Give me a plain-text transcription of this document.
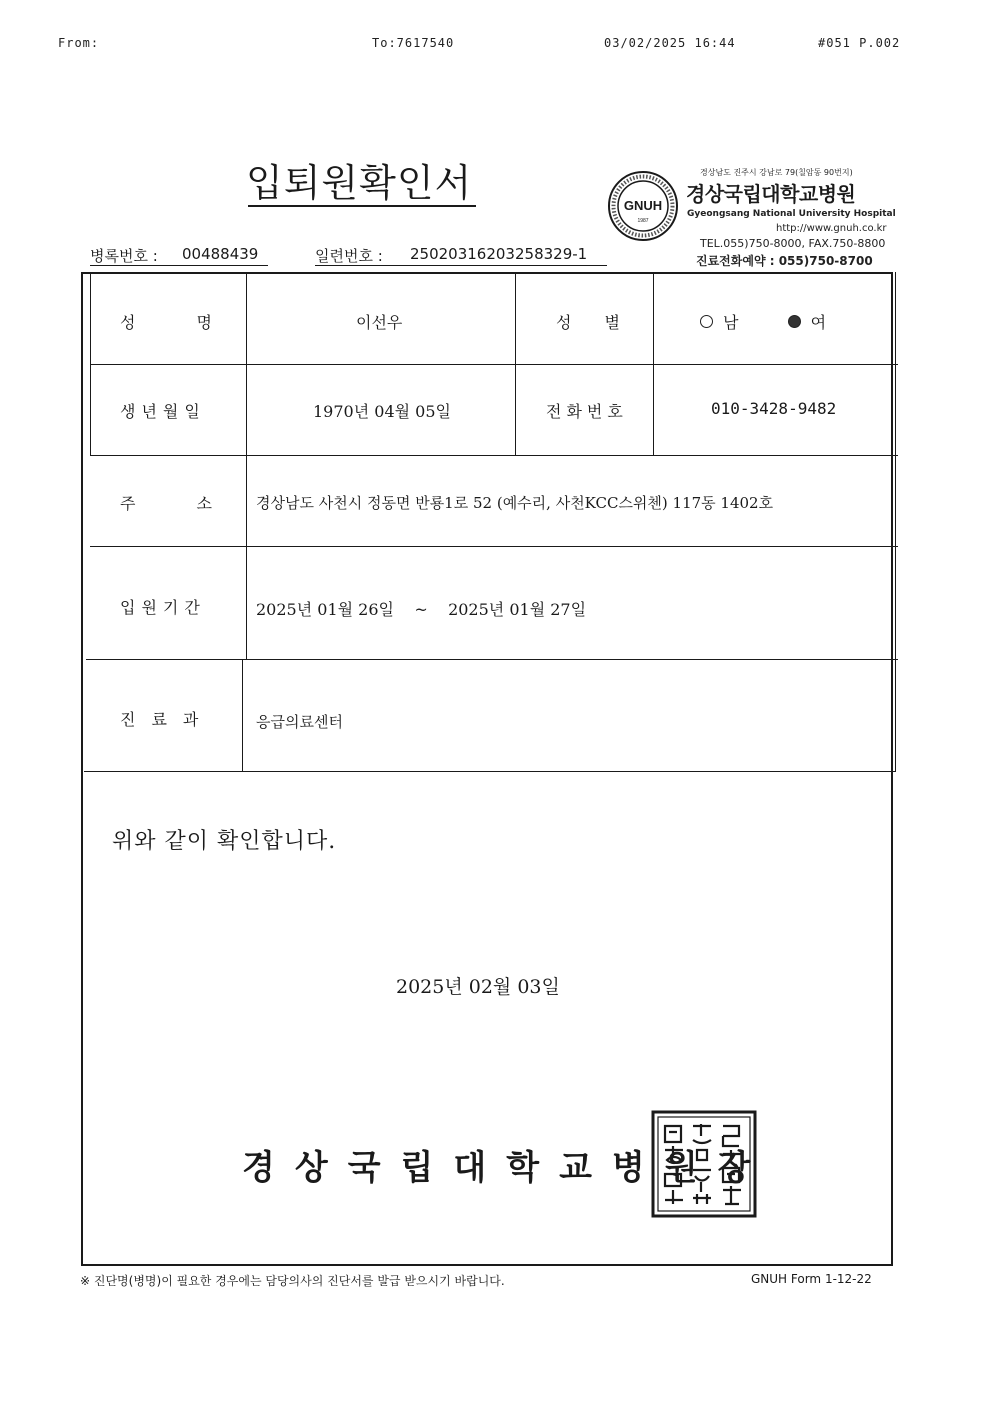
From:	To:7617540	03/02/2025 16:44	#051 P.002
입퇴원확인서
GNUH
1987
경상남도 진주시 강남로 79(칠암동 90번지)
경상국립대학교병원
Gyeongsang National University Hospital
http://www.gnuh.co.kr
TEL.055)750-8000, FAX.750-8800
진료전화예약 : 055)750-8700
병록번호 : 00488439	일련번호 : 25020316203258329-1
성 명	이선우	성 별	남	여
생년월일	1970년 04월 05일	전화번호	010-3428-9482
주 소	경상남도 사천시 정동면 반룡1로 52 (예수리, 사천KCC스위첸) 117동 1402호
입원기간	2025년 01월 26일    ~    2025년 01월 27일
진료과	응급의료센터
위와 같이 확인합니다.
2025년 02월 03일
경상국립대학교병원장
※ 진단명(병명)이 필요한 경우에는 담당의사의 진단서를 발급 받으시기 바랍니다.	GNUH Form 1-12-22
